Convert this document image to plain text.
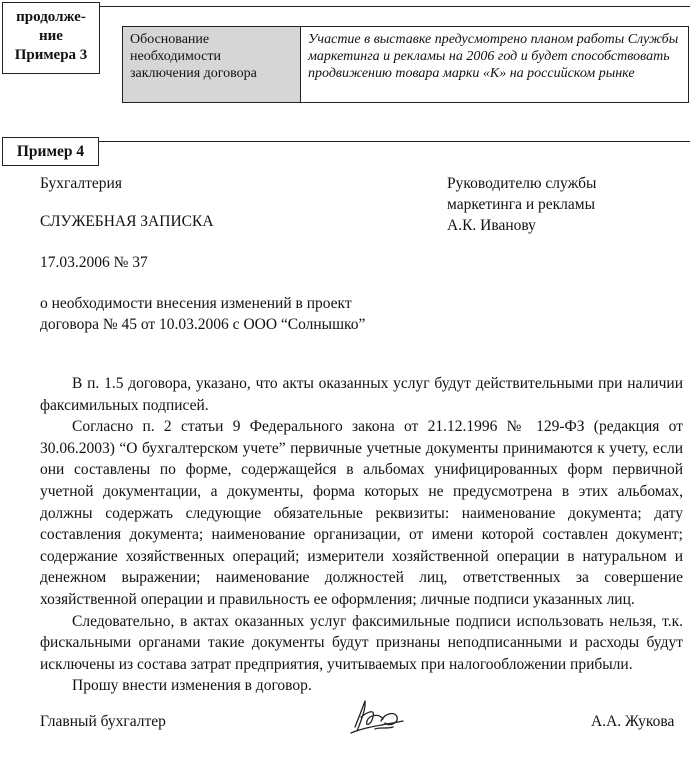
продолже-
ние
Примера 3
Обоснование необходимости заключения договора	Участие в выставке предусмотрено планом работы Службы маркетинга и рекламы на 2006 год и будет способствовать продвижению товара марки «К» на российском рынке
Пример 4
Бухгалтерия	Руководителю службы
маркетинга и рекламы
А.К. Иванову
СЛУЖЕБНАЯ ЗАПИСКА
17.03.2006 № 37
о необходимости внесения изменений в проект
договора № 45 от 10.03.2006 с ООО “Солнышко”

В п. 1.5 договора, указано, что акты оказанных услуг будут действительными при наличии факсимильных подписей.

Согласно п. 2 статьи 9 Федерального закона от 21.12.1996 № 129-ФЗ (редакция от 30.06.2003) “О бухгалтерском учете” первичные учетные документы принимаются к учету, если они составлены по форме, содержащейся в альбомах унифицированных форм первичной учетной документации, а документы, форма которых не предусмотрена в этих альбомах, должны содержать следующие обязательные реквизиты: наименование документа; дату составления документа; наименование организации, от имени которой составлен документ; содержание хозяйственных операций; измерители хозяйственной операции в натуральном и денежном выражении; наименование должностей лиц, ответственных за совершение хозяйственной операции и правильность ее оформления; личные подписи указанных лиц.

Следовательно, в актах оказанных услуг факсимильные подписи использовать нельзя, т.к. фискальными органами такие документы будут признаны неподписанными и расходы будут исключены из состава затрат предприятия, учитываемых при налогообложении прибыли.

Прошу внести изменения в договор.

Главный бухгалтер	А.А. Жукова
